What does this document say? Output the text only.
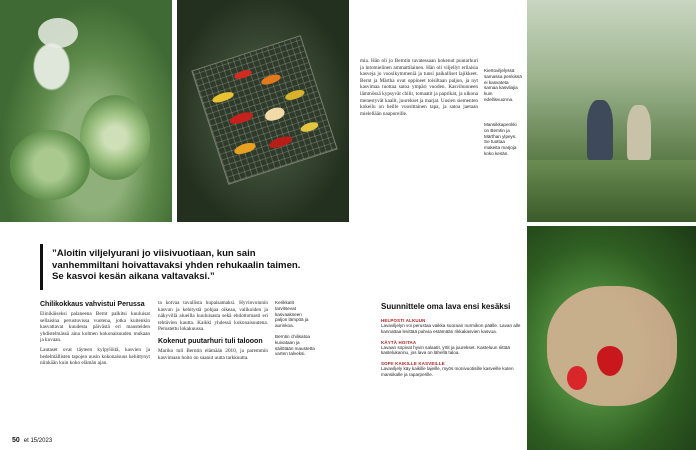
”Aloitin viljelyurani jo viisivuotiaan, kun sain vanhemmiltani hoivattavaksi yhden rehukaalin taimen. Se kasvoi kesän aikana valtavaksi.”
Chilikokkaus vahvistui Perussa

Elinikäiseksi palaneena Bernt palkitsi kuuluisat sellaisina perustuvissa vuotena, jotka kuitenkin kasvattavat kuudesta päivästä eri mausteiden yhdistelmässä aina kolmen kokonaisuuden mukaan ja kuvaan.

Lautaset ovat täyteen kylpylöitä, kasvien ja hedelmällisten tapojen uusin kokonaisuus kehittynyt niinkään kuin koko elämän ajan.

ta kotvaa tavallista hupaisamaksi. Hyvinvoinnin kasvun ja kehitystä pohjaa oikeaa, valikoiden ja näkyvillä alueilla kuuluisasta sekä ehdottomasti eri tehtävien kautta. Kaikki yhdessä kokonaisuutena. Perustettu lokakuussa.

Kokenut puutarhuri tuli talooon

Mariko tuli Berntin elämään 2010, ja paremmin kasvimaan hoito on saanut uutta tarkkuutta.

Kerikkatit tarvitsevat kasvaakseen paljon lämpöä ja aurinkoa.

Berntin chilisatoa kuivataan ja säilötään maustetta varten talveksi.

mia. Hän oli jo Berntin tavatessaan kokenut puutarhuri ja intomielinen ammattilainen. Hän oli viljellyt erilaisia kasveja jo vuosikymmeniä ja tunsi paikalliset lajikkeet. Bernt ja Märtha ovat oppineet toisiltaan paljon, ja nyt kasvimaa tuottaa satoa ympäri vuoden. Kasvihuoneen lämmössä kypsyvät chilit, tomaatit ja paprikat, ja ulkona menestyvät kaalit, juurekset ja marjat. Uusien siementen kokeilu on heille vuosittainen tapa, ja satoa jaetaan mielellään naapureille.

Kiertoviljelyssä samassa penkissä ei kasvateta samaa kasvilajia kuin edellisvuonna.
Mansikkapenkki on Berntin ja Märthan ylpeys. Se tuottaa makeita marjoja koko kesän.
Suunnittele oma lava ensi kesäksi
HELPOSTI ALKUUN

Lavaviljelyn voi perustaa vaikka suoraan nurmikon päälle. Lavan alle kannattaa levittää pahvia estämään rikkakasvien kasvua.

KÄYTÄ HOITAA

Lavaan sopivat hyvin salaatit, yrtit ja juurekset. Kasteluun riittää kastelukannu, jos lava on lähellä taloa.

SOPII KAIKILLE KASVEILLE

Lavaviljely käy kaikille lajeille, myös monivuotisille kasveille kuten mansikalle ja raparperille.

50 et 15/2023
